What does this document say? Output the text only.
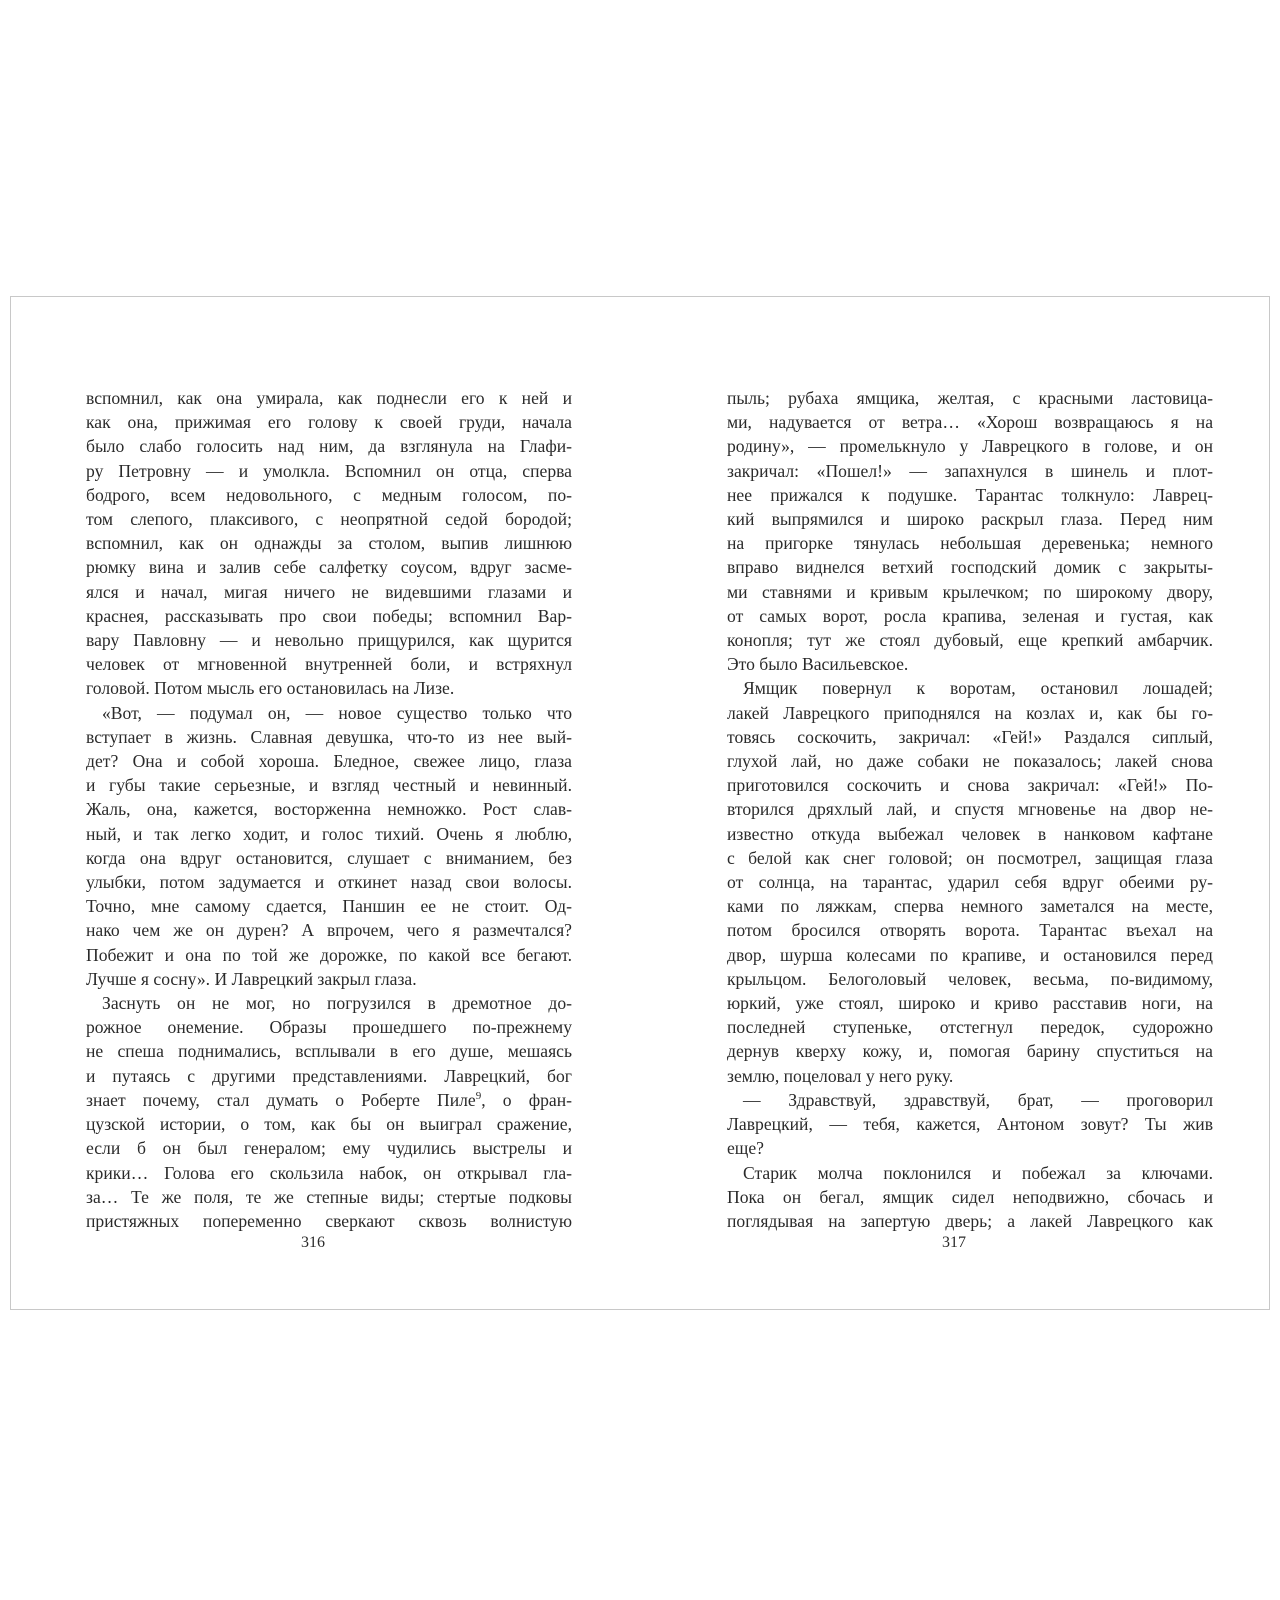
вспомнил, как она умирала, как поднесли его к ней и
как она, прижимая его голову к своей груди, начала
было слабо голосить над ним, да взглянула на Глафи-
ру Петровну — и умолкла. Вспомнил он отца, сперва
бодрого, всем недовольного, с медным голосом, по-
том слепого, плаксивого, с неопрятной седой бородой;
вспомнил, как он однажды за столом, выпив лишнюю
рюмку вина и залив себе салфетку соусом, вдруг засме-
ялся и начал, мигая ничего не видевшими глазами и
краснея, рассказывать про свои победы; вспомнил Вар-
вару Павловну — и невольно прищурился, как щурится
человек от мгновенной внутренней боли, и встряхнул
головой. Потом мысль его остановилась на Лизе.
«Вот, — подумал он, — новое существо только что
вступает в жизнь. Славная девушка, что-то из нее вый-
дет? Она и собой хороша. Бледное, свежее лицо, глаза
и губы такие серьезные, и взгляд честный и невинный.
Жаль, она, кажется, восторженна немножко. Рост слав-
ный, и так легко ходит, и голос тихий. Очень я люблю,
когда она вдруг остановится, слушает с вниманием, без
улыбки, потом задумается и откинет назад свои волосы.
Точно, мне самому сдается, Паншин ее не стоит. Од-
нако чем же он дурен? А впрочем, чего я размечтался?
Побежит и она по той же дорожке, по какой все бегают.
Лучше я сосну». И Лаврецкий закрыл глаза.
Заснуть он не мог, но погрузился в дремотное до-
рожное онемение. Образы прошедшего по-прежнему
не спеша поднимались, всплывали в его душе, мешаясь
и путаясь с другими представлениями. Лаврецкий, бог
знает почему, стал думать о Роберте Пиле$^9$, о фран-
цузской истории, о том, как бы он выиграл сражение,
если б он был генералом; ему чудились выстрелы и
крики… Голова его скользила набок, он открывал гла-
за… Те же поля, те же степные виды; стертые подковы
пристяжных попеременно сверкают сквозь волнистую
316
пыль; рубаха ямщика, желтая, с красными ластовица-
ми, надувается от ветра… «Хорош возвращаюсь я на
родину», — промелькнуло у Лаврецкого в голове, и он
закричал: «Пошел!» — запахнулся в шинель и плот-
нее прижался к подушке. Тарантас толкнуло: Лаврец-
кий выпрямился и широко раскрыл глаза. Перед ним
на пригорке тянулась небольшая деревенька; немного
вправо виднелся ветхий господский домик с закрыты-
ми ставнями и кривым крылечком; по широкому двору,
от самых ворот, росла крапива, зеленая и густая, как
конопля; тут же стоял дубовый, еще крепкий амбарчик.
Это было Васильевское.
Ямщик повернул к воротам, остановил лошадей;
лакей Лаврецкого приподнялся на козлах и, как бы го-
товясь соскочить, закричал: «Гей!» Раздался сиплый,
глухой лай, но даже собаки не показалось; лакей снова
приготовился соскочить и снова закричал: «Гей!» По-
вторился дряхлый лай, и спустя мгновенье на двор не-
известно откуда выбежал человек в нанковом кафтане
с белой как снег головой; он посмотрел, защищая глаза
от солнца, на тарантас, ударил себя вдруг обеими ру-
ками по ляжкам, сперва немного заметался на месте,
потом бросился отворять ворота. Тарантас въехал на
двор, шурша колесами по крапиве, и остановился перед
крыльцом. Белоголовый человек, весьма, по-видимому,
юркий, уже стоял, широко и криво расставив ноги, на
последней ступеньке, отстегнул передок, судорожно
дернув кверху кожу, и, помогая барину спуститься на
землю, поцеловал у него руку.
— Здравствуй, здравствуй, брат, — проговорил
Лаврецкий, — тебя, кажется, Антоном зовут? Ты жив
еще?
Старик молча поклонился и побежал за ключами.
Пока он бегал, ямщик сидел неподвижно, сбочась и
поглядывая на запертую дверь; а лакей Лаврецкого как
317
